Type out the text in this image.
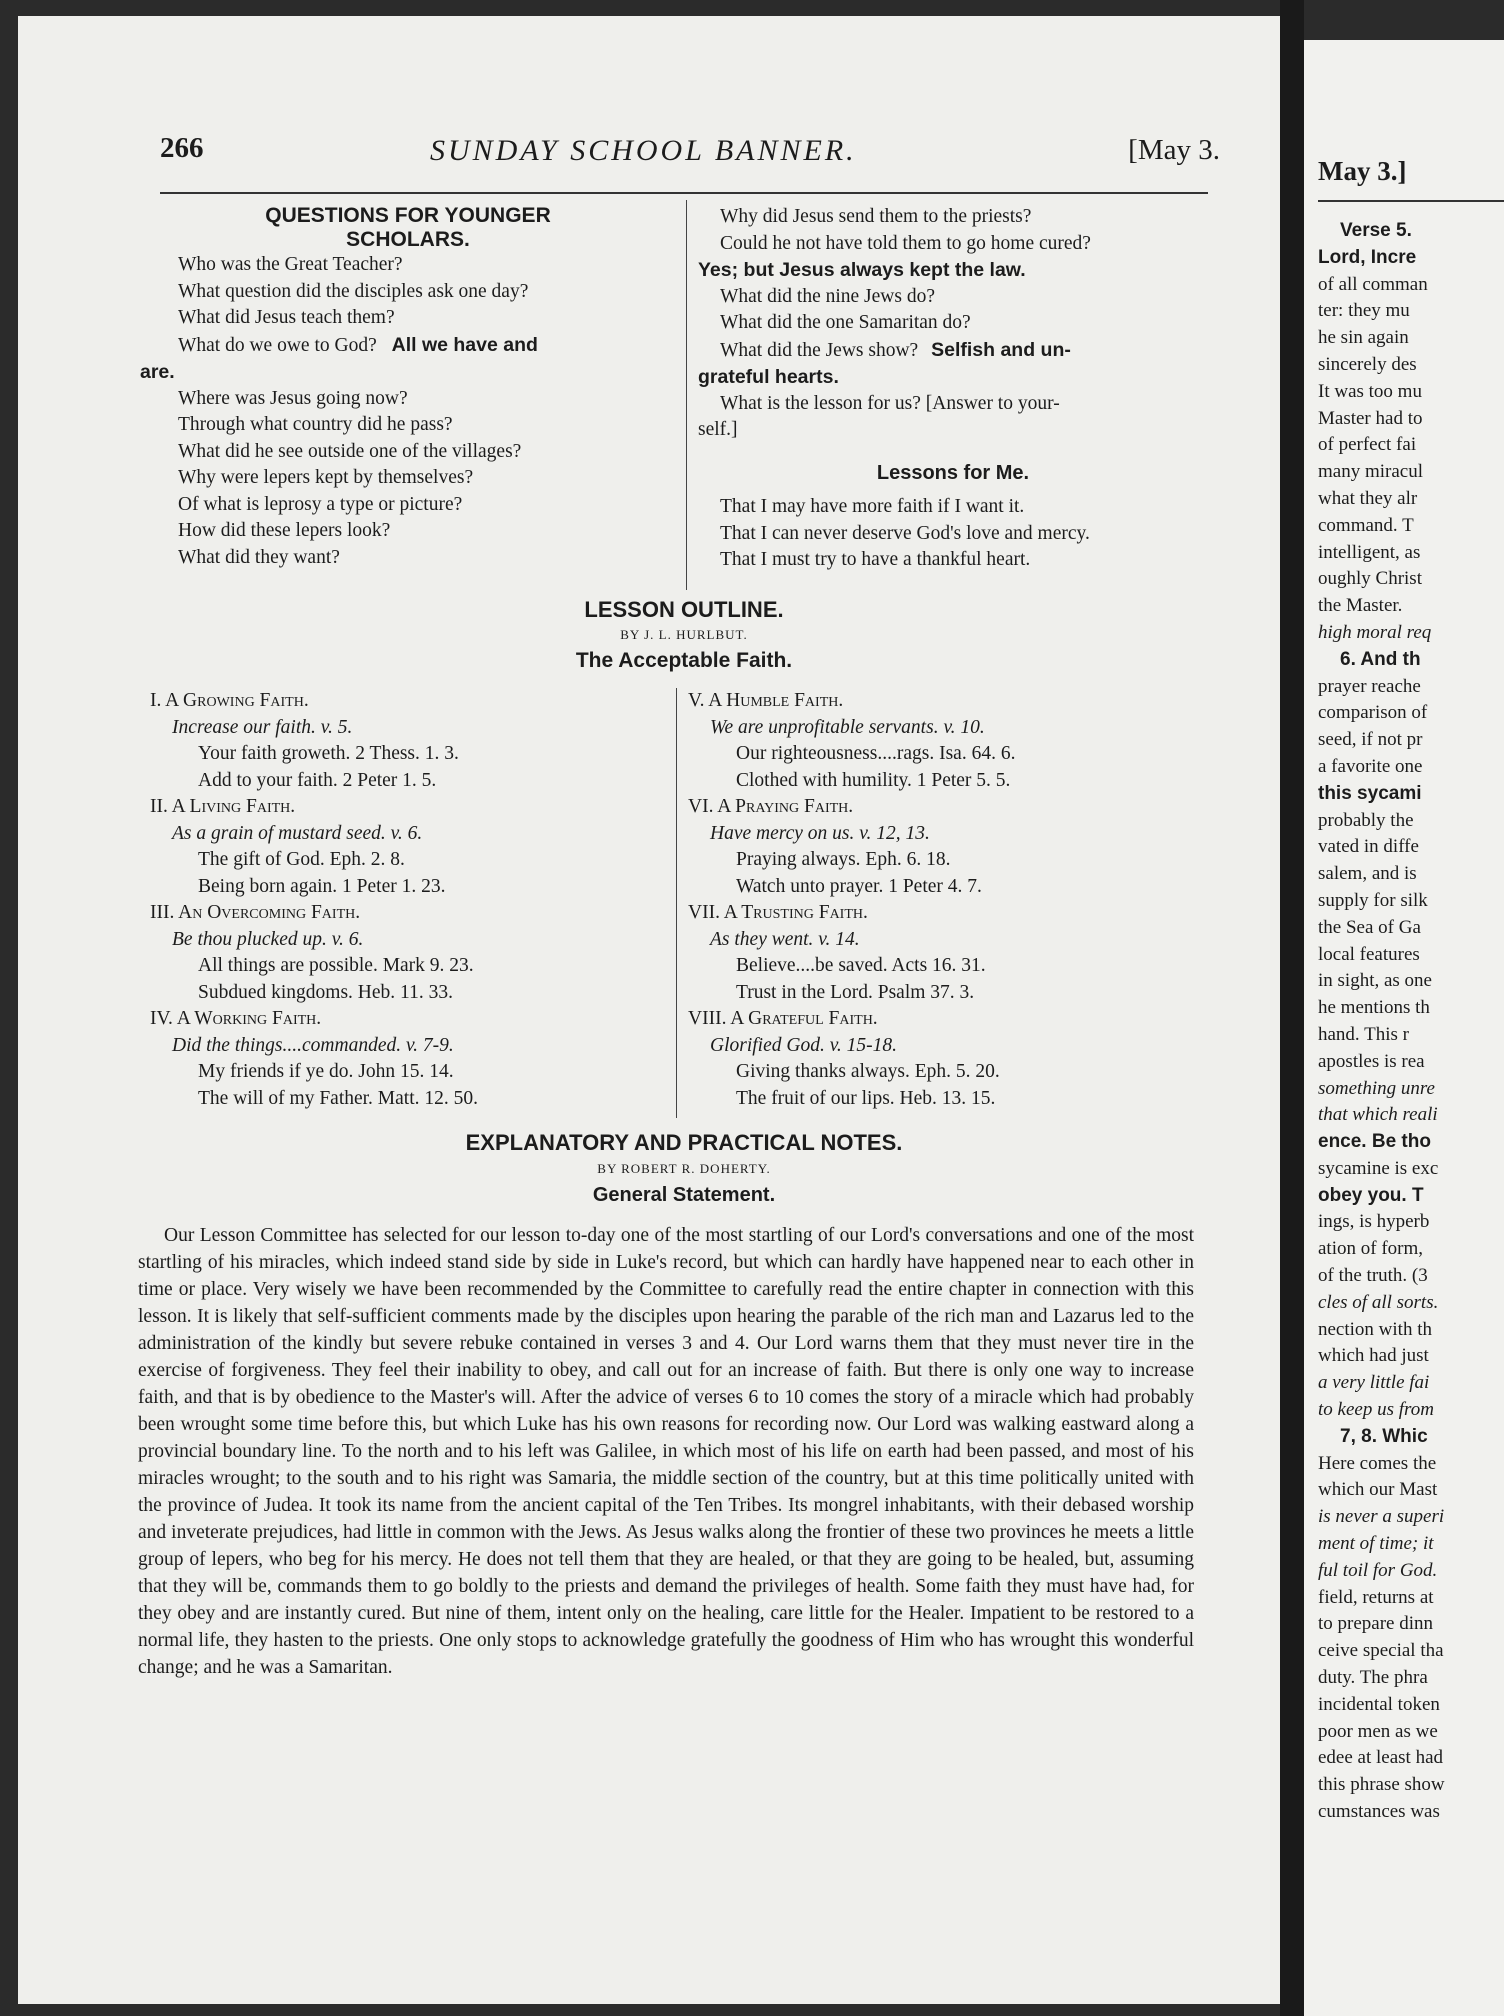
266	SUNDAY SCHOOL BANNER.	[May 3.
QUESTIONS FOR YOUNGER
SCHOLARS.
Who was the Great Teacher?
What question did the disciples ask one day?
What did Jesus teach them?
What do we owe to God? All we have and
are.
Where was Jesus going now?
Through what country did he pass?
What did he see outside one of the villages?
Why were lepers kept by themselves?
Of what is leprosy a type or picture?
How did these lepers look?
What did they want?
Why did Jesus send them to the priests?
Could he not have told them to go home cured?
Yes; but Jesus always kept the law.
What did the nine Jews do?
What did the one Samaritan do?
What did the Jews show? Selfish and un-
grateful hearts.
What is the lesson for us? [Answer to your-
self.]
Lessons for Me.
That I may have more faith if I want it.
That I can never deserve God's love and mercy.
That I must try to have a thankful heart.
LESSON OUTLINE.
BY J. L. HURLBUT.
The Acceptable Faith.
I. A Growing Faith.
Increase our faith. v. 5.
Your faith groweth. 2 Thess. 1. 3.
Add to your faith. 2 Peter 1. 5.
II. A Living Faith.
As a grain of mustard seed. v. 6.
The gift of God. Eph. 2. 8.
Being born again. 1 Peter 1. 23.
III. An Overcoming Faith.
Be thou plucked up. v. 6.
All things are possible. Mark 9. 23.
Subdued kingdoms. Heb. 11. 33.
IV. A Working Faith.
Did the things....commanded. v. 7-9.
My friends if ye do. John 15. 14.
The will of my Father. Matt. 12. 50.
V. A Humble Faith.
We are unprofitable servants. v. 10.
Our righteousness....rags. Isa. 64. 6.
Clothed with humility. 1 Peter 5. 5.
VI. A Praying Faith.
Have mercy on us. v. 12, 13.
Praying always. Eph. 6. 18.
Watch unto prayer. 1 Peter 4. 7.
VII. A Trusting Faith.
As they went. v. 14.
Believe....be saved. Acts 16. 31.
Trust in the Lord. Psalm 37. 3.
VIII. A Grateful Faith.
Glorified God. v. 15-18.
Giving thanks always. Eph. 5. 20.
The fruit of our lips. Heb. 13. 15.
EXPLANATORY AND PRACTICAL NOTES.
BY ROBERT R. DOHERTY.
General Statement.

Our Lesson Committee has selected for our lesson to-day one of the most startling of our Lord's conversations and one of the most startling of his miracles, which indeed stand side by side in Luke's record, but which can hardly have happened near to each other in time or place. Very wisely we have been recommended by the Committee to carefully read the entire chapter in connection with this lesson. It is likely that self-sufficient comments made by the disciples upon hearing the parable of the rich man and Lazarus led to the administration of the kindly but severe rebuke contained in verses 3 and 4. Our Lord warns them that they must never tire in the exercise of forgiveness. They feel their inability to obey, and call out for an increase of faith. But there is only one way to increase faith, and that is by obedience to the Master's will. After the advice of verses 6 to 10 comes the story of a miracle which had probably been wrought some time before this, but which Luke has his own reasons for recording now. Our Lord was walking eastward along a provincial boundary line. To the north and to his left was Galilee, in which most of his life on earth had been passed, and most of his miracles wrought; to the south and to his right was Samaria, the middle section of the country, but at this time politically united with the province of Judea. It took its name from the ancient capital of the Ten Tribes. Its mongrel inhabitants, with their debased worship and inveterate prejudices, had little in common with the Jews. As Jesus walks along the frontier of these two provinces he meets a little group of lepers, who beg for his mercy. He does not tell them that they are healed, or that they are going to be healed, but, assuming that they will be, commands them to go boldly to the priests and demand the privileges of health. Some faith they must have had, for they obey and are instantly cured. But nine of them, intent only on the healing, care little for the Healer. Impatient to be restored to a normal life, they hasten to the priests. One only stops to acknowledge gratefully the goodness of Him who has wrought this wonderful change; and he was a Samaritan.

May 3.]
Verse 5.
Lord, Incre
of all comman
ter: they mu
he sin again
sincerely des
It was too mu
Master had to
of perfect fai
many miracul
what they alr
command. T
intelligent, as
oughly Christ
the Master.
high moral req
6. And th
prayer reache
comparison of
seed, if not pr
a favorite one
this sycami
probably the
vated in diffe
salem, and is
supply for silk
the Sea of Ga
local features
in sight, as one
he mentions th
hand. This r
apostles is rea
something unre
that which reali
ence. Be tho
sycamine is exc
obey you. T
ings, is hyperb
ation of form,
of the truth. (3
cles of all sorts.
nection with th
which had just
a very little fai
to keep us from
7, 8. Whic
Here comes the
which our Mast
is never a superi
ment of time; it
ful toil for God.
field, returns at
to prepare dinn
ceive special tha
duty. The phra
incidental token
poor men as we
edee at least had
this phrase show
cumstances was
